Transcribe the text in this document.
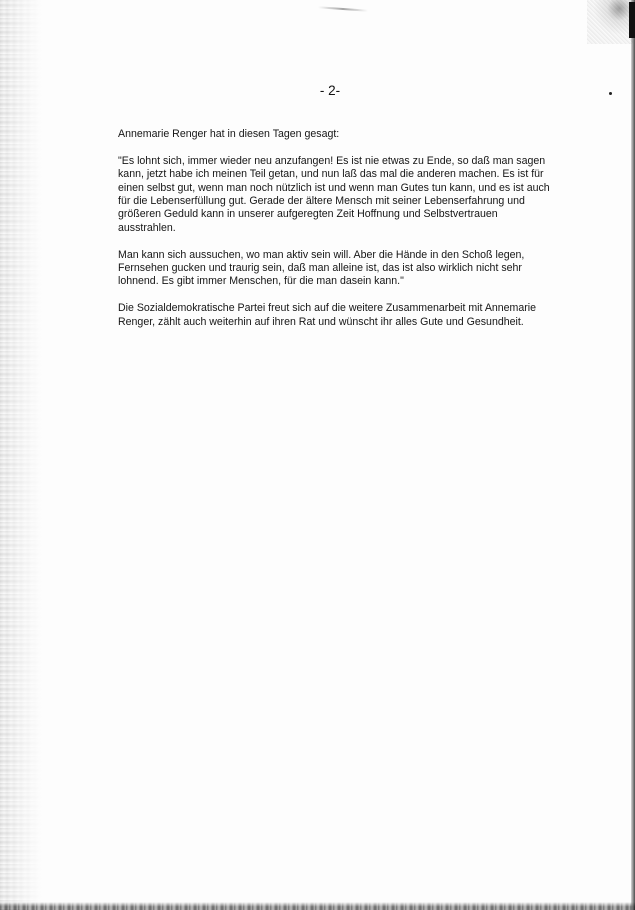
- 2-

Annemarie Renger hat in diesen Tagen gesagt:

"Es lohnt sich, immer wieder neu anzufangen! Es ist nie etwas zu Ende, so daß man sagen kann, jetzt habe ich meinen Teil getan, und nun laß das mal die anderen machen. Es ist für einen selbst gut, wenn man noch nützlich ist und wenn man Gutes tun kann, und es ist auch für die Lebenserfüllung gut. Gerade der ältere Mensch mit seiner Lebenserfahrung und größeren Geduld kann in unserer aufgeregten Zeit Hoffnung und Selbstvertrauen ausstrahlen.

Man kann sich aussuchen, wo man aktiv sein will. Aber die Hände in den Schoß legen, Fernsehen gucken und traurig sein, daß man alleine ist, das ist also wirklich nicht sehr lohnend. Es gibt immer Menschen, für die man dasein kann."

Die Sozialdemokratische Partei freut sich auf die weitere Zusammenarbeit mit Annemarie Renger, zählt auch weiterhin auf ihren Rat und wünscht ihr alles Gute und Gesundheit.
